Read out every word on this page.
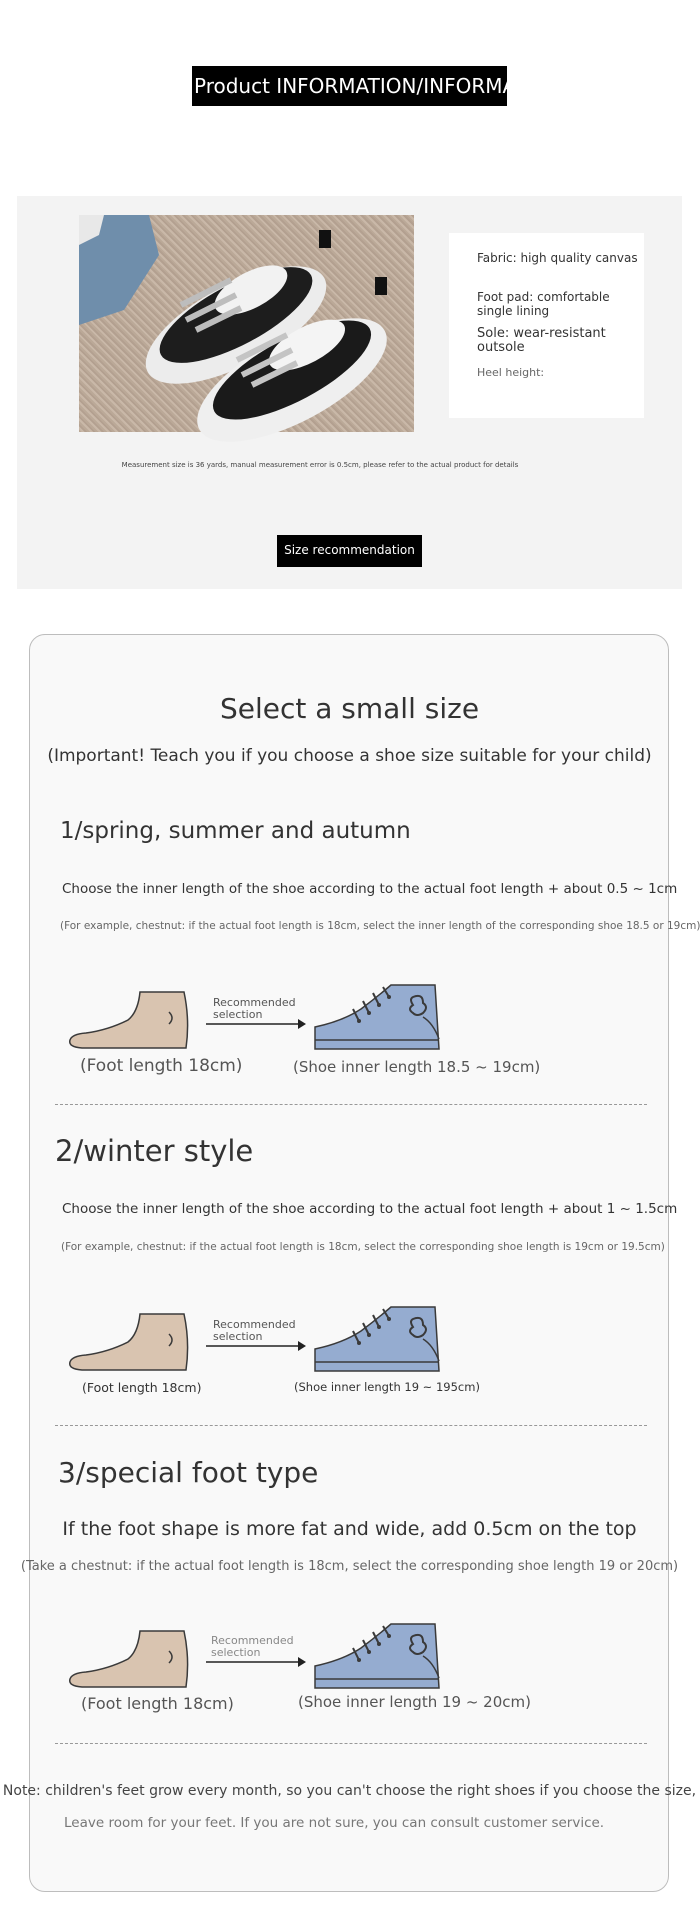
Product INFORMATION/INFORMATION
Fabric: high quality canvas
Foot pad: comfortable single lining
Sole: wear-resistant outsole
Heel height:
Measurement size is 36 yards, manual measurement error is 0.5cm, please refer to the actual product for details
Size recommendation
Select a small size
(Important! Teach you if you choose a shoe size suitable for your child)
1/spring, summer and autumn
Choose the inner length of the shoe according to the actual foot length + about 0.5 ~ 1cm
(For example, chestnut: if the actual foot length is 18cm, select the inner length of the corresponding shoe 18.5 or 19cm)
Recommended selection
(Foot length 18cm)	(Shoe inner length 18.5 ~ 19cm)
2/winter style
Choose the inner length of the shoe according to the actual foot length + about 1 ~ 1.5cm
(For example, chestnut: if the actual foot length is 18cm, select the corresponding shoe length is 19cm or 19.5cm)
Recommended selection
(Foot length 18cm)	(Shoe inner length 19 ~ 195cm)
3/special foot type
If the foot shape is more fat and wide, add 0.5cm on the top
(Take a chestnut: if the actual foot length is 18cm, select the corresponding shoe length 19 or 20cm)
Recommended selection
(Foot length 18cm)	(Shoe inner length 19 ~ 20cm)
Note: children's feet grow every month, so you can't choose the right shoes if you choose the size,
Leave room for your feet. If you are not sure, you can consult customer service.
